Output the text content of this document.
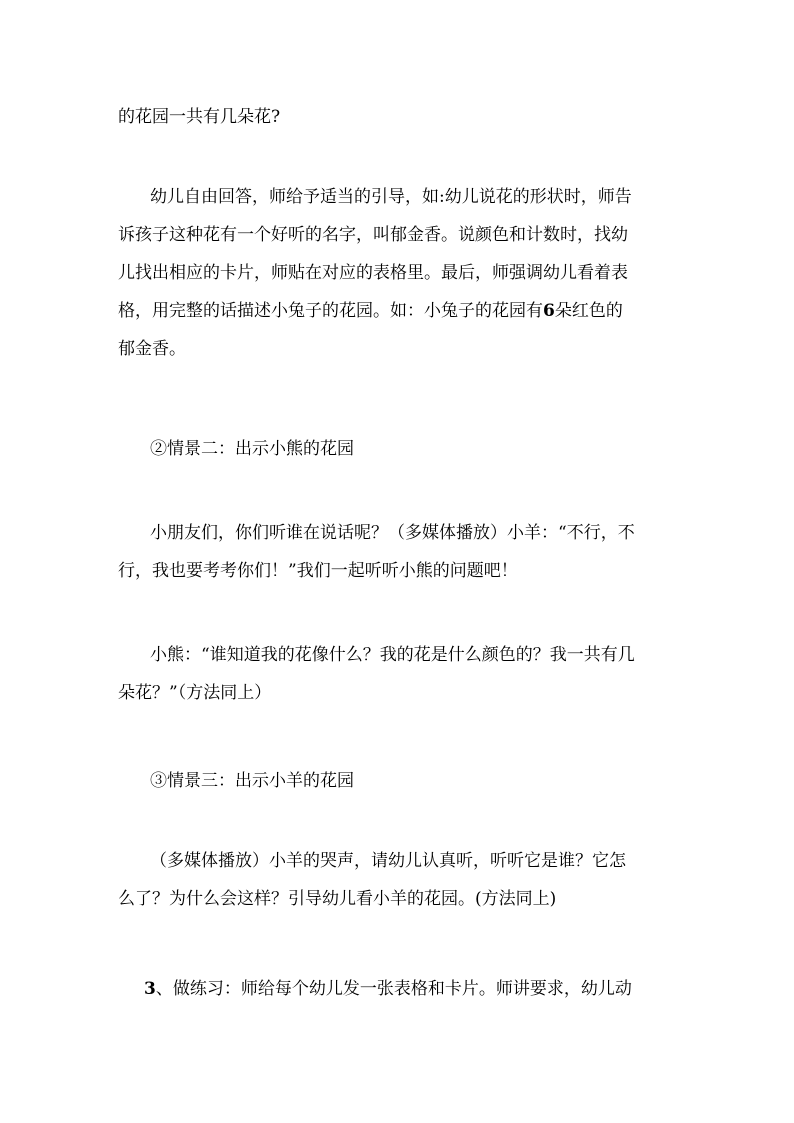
的花园一共有几朵花?

幼儿自由回答，师给予适当的引导，如:幼儿说花的形状时，师告
诉孩子这种花有一个好听的名字，叫郁金香。说颜色和计数时，找幼
儿找出相应的卡片，师贴在对应的表格里。最后，师强调幼儿看着表
格，用完整的话描述小兔子的花园。如：小兔子的花园有6朵红色的
郁金香。

②情景二：出示小熊的花园

小朋友们，你们听谁在说话呢？（多媒体播放）小羊：“不行，不
行，我也要考考你们！”我们一起听听小熊的问题吧！

小熊：“谁知道我的花像什么？我的花是什么颜色的？我一共有几
朵花？”（方法同上）

③情景三：出示小羊的花园

（多媒体播放）小羊的哭声，请幼儿认真听，听听它是谁？它怎
么了？为什么会这样？引导幼儿看小羊的花园。(方法同上)

3、做练习：师给每个幼儿发一张表格和卡片。师讲要求，幼儿动
